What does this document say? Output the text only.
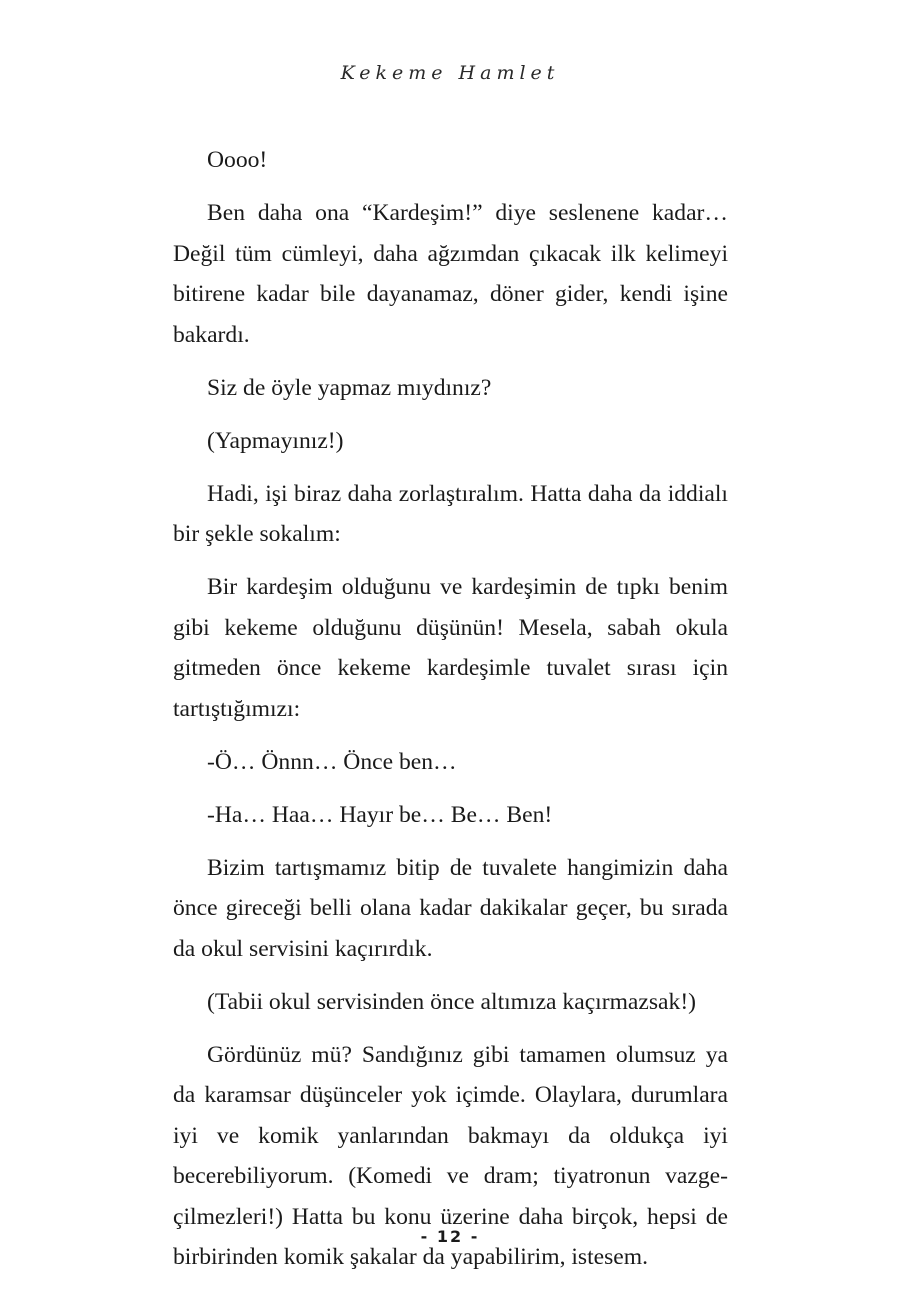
Kekeme Hamlet

Oooo!

Ben daha ona “Kardeşim!” diye seslenene kadar… Değil tüm cümleyi, daha ağzımdan çıkacak ilk kelimeyi bitirene kadar bile dayanamaz, döner gider, kendi işine bakardı.

Siz de öyle yapmaz mıydınız?

(Yapmayınız!)

Hadi, işi biraz daha zorlaştıralım. Hatta daha da iddialı bir şekle sokalım:

Bir kardeşim olduğunu ve kardeşimin de tıpkı benim gibi kekeme olduğunu düşünün! Mesela, sabah okula gitmeden önce kekeme kardeşimle tuvalet sırası için tartıştığımızı:

-Ö… Önnn… Önce ben…

-Ha… Haa… Hayır be… Be… Ben!

Bizim tartışmamız bitip de tuvalete hangimizin daha önce gireceği belli olana kadar dakikalar geçer, bu sırada da okul servisini kaçırırdık.

(Tabii okul servisinden önce altımıza kaçırmazsak!)

Gördünüz mü? Sandığınız gibi tamamen olumsuz ya da karamsar düşünceler yok içimde. Olaylara, durumlara iyi ve komik yanlarından bakmayı da oldukça iyi becerebiliyorum. (Komedi ve dram; tiyatronun vazgeçilmezleri!) Hatta bu konu üzerine daha birçok, hepsi de birbirinden komik şakalar da yapabilirim, istesem.

- 12 -
